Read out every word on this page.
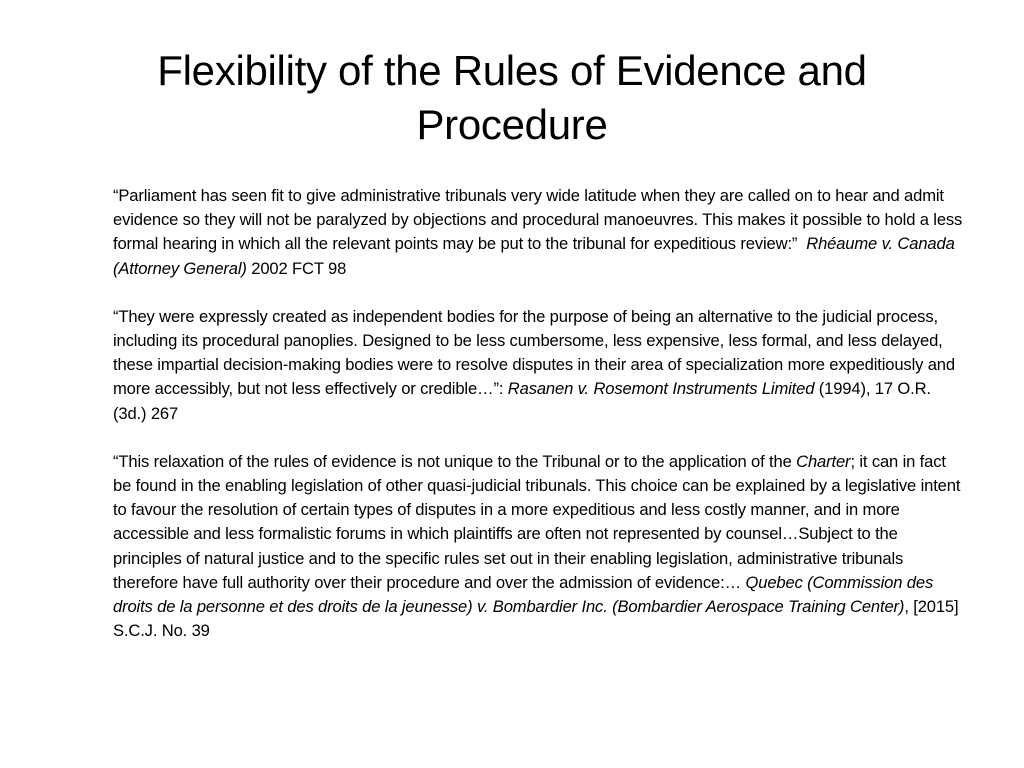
Flexibility of the Rules of Evidence and Procedure

“Parliament has seen fit to give administrative tribunals very wide latitude when they are called on to hear and admit evidence so they will not be paralyzed by objections and procedural manoeuvres. This makes it possible to hold a less formal hearing in which all the relevant points may be put to the tribunal for expeditious review:” Rhéaume v. Canada (Attorney General) 2002 FCT 98

“They were expressly created as independent bodies for the purpose of being an alternative to the judicial process, including its procedural panoplies. Designed to be less cumbersome, less expensive, less formal, and less delayed, these impartial decision-making bodies were to resolve disputes in their area of specialization more expeditiously and more accessibly, but not less effectively or credible…”: Rasanen v. Rosemont Instruments Limited (1994), 17 O.R. (3d.) 267

“This relaxation of the rules of evidence is not unique to the Tribunal or to the application of the Charter; it can in fact be found in the enabling legislation of other quasi-judicial tribunals. This choice can be explained by a legislative intent to favour the resolution of certain types of disputes in a more expeditious and less costly manner, and in more accessible and less formalistic forums in which plaintiffs are often not represented by counsel…Subject to the principles of natural justice and to the specific rules set out in their enabling legislation, administrative tribunals therefore have full authority over their procedure and over the admission of evidence:… Quebec (Commission des droits de la personne et des droits de la jeunesse) v. Bombardier Inc. (Bombardier Aerospace Training Center), [2015] S.C.J. No. 39
